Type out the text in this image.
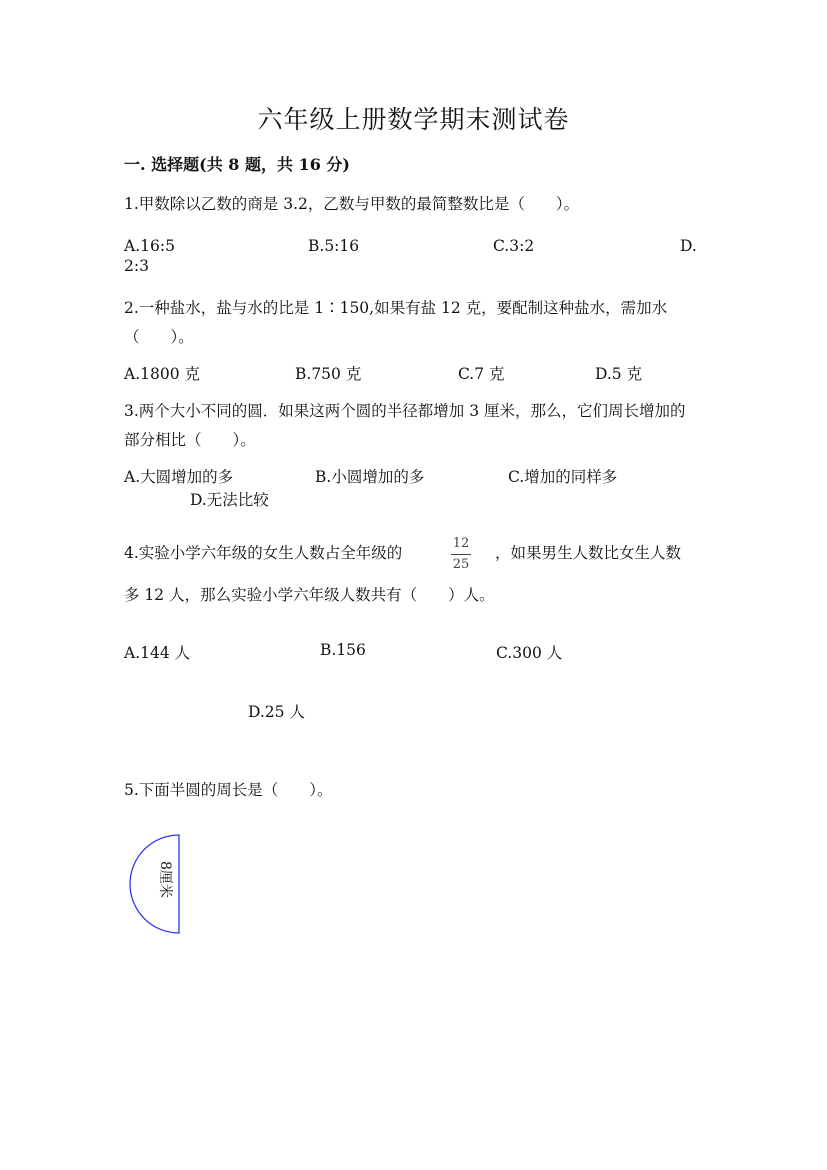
六年级上册数学期末测试卷
一. 选择题(共 8 题，共 16 分)
1.甲数除以乙数的商是 3.2，乙数与甲数的最简整数比是（　　）。
A.16:5	B.5:16	C.3:2	D.
2:3
2.一种盐水，盐与水的比是 1∶150,如果有盐 12 克，要配制这种盐水，需加水（　　）。
A.1800 克	B.750 克	C.7 克	D.5 克
3.两个大小不同的圆．如果这两个圆的半径都增加 3 厘米，那么，它们周长增加的部分相比（　　）。
A.大圆增加的多	B.小圆增加的多	C.增加的同样多
D.无法比较
4.实验小学六年级的女生人数占全年级的
12
25
，如果男生人数比女生人数
多 12 人，那么实验小学六年级人数共有（　　）人。
A.144 人	B.156	C.300 人
D.25 人
5.下面半圆的周长是（　　）。
8厘米
